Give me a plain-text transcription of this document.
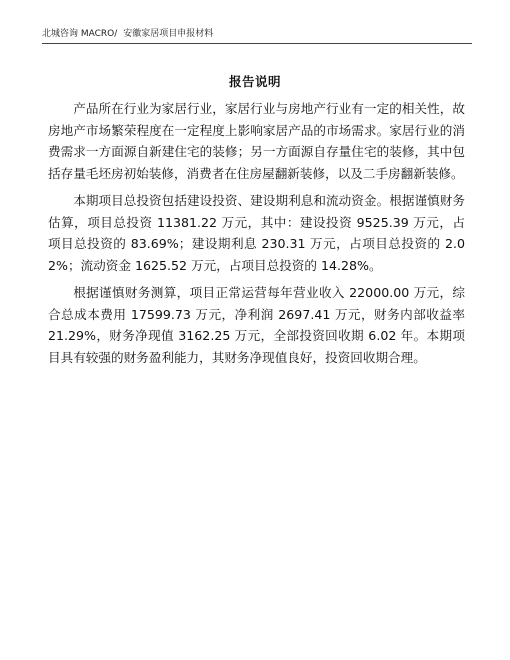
北城咨询 MACRO/ 安徽家居项目申报材料
报告说明

产品所在行业为家居行业，家居行业与房地产行业有一定的相关性，故房地产市场繁荣程度在一定程度上影响家居产品的市场需求。家居行业的消费需求一方面源自新建住宅的装修；另一方面源自存量住宅的装修，其中包括存量毛坯房初始装修，消费者在住房屋翻新装修，以及二手房翻新装修。

本期项目总投资包括建设投资、建设期利息和流动资金。根据谨慎财务估算，项目总投资 11381.22 万元，其中：建设投资 9525.39 万元，占项目总投资的 83.69%；建设期利息 230.31 万元，占项目总投资的 2.02%；流动资金 1625.52 万元，占项目总投资的 14.28%。

根据谨慎财务测算，项目正常运营每年营业收入 22000.00 万元，综合总成本费用 17599.73 万元，净利润 2697.41 万元，财务内部收益率 21.29%，财务净现值 3162.25 万元，全部投资回收期 6.02 年。本期项目具有较强的财务盈利能力，其财务净现值良好，投资回收期合理。
